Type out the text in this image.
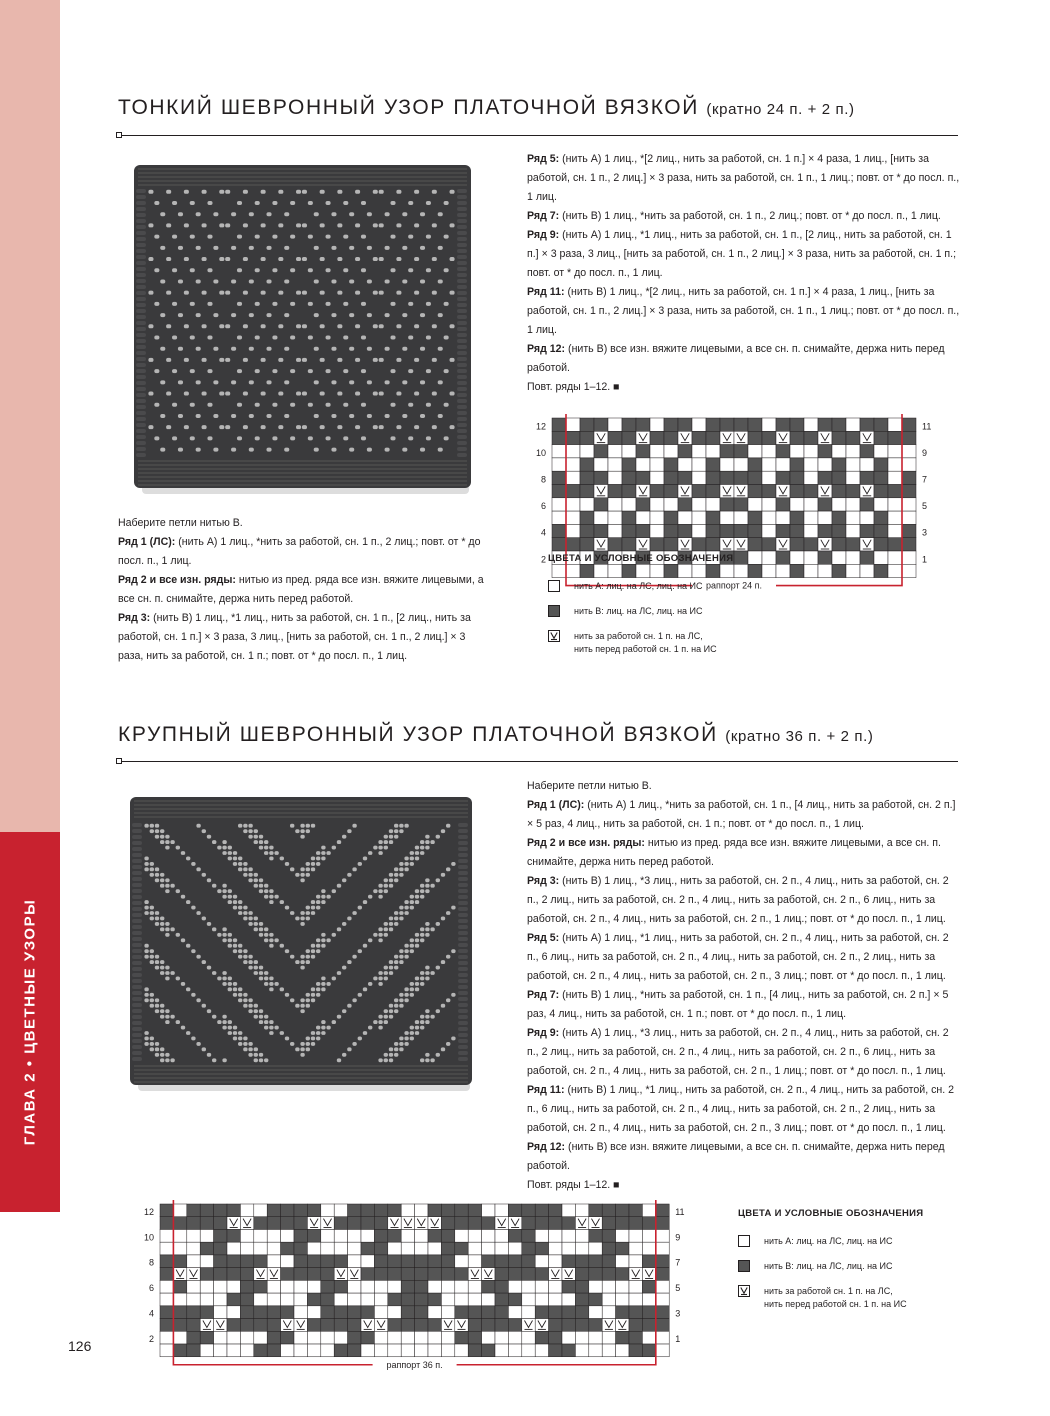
ГЛАВА 2 • ЦВЕТНЫЕ УЗОРЫ
126
ТОНКИЙ ШЕВРОННЫЙ УЗОР ПЛАТОЧНОЙ ВЯЗКОЙ (кратно 24 п. + 2 п.)

Ряд 5: (нить А) 1 лиц., *[2 лиц., нить за работой, сн. 1 п.] × 4 раза, 1 лиц., [нить за работой, сн. 1 п., 2 лиц.] × 3 раза, нить за работой, сн. 1 п., 1 лиц.; повт. от * до посл. п., 1 лиц.

Ряд 7: (нить В) 1 лиц., *нить за работой, сн. 1 п., 2 лиц.; повт. от * до посл. п., 1 лиц.

Ряд 9: (нить А) 1 лиц., *1 лиц., нить за работой, сн. 1 п., [2 лиц., нить за работой, сн. 1 п.] × 3 раза, 3 лиц., [нить за работой, сн. 1 п., 2 лиц.] × 3 раза, нить за работой, сн. 1 п.; повт. от * до посл. п., 1 лиц.

Ряд 11: (нить В) 1 лиц., *[2 лиц., нить за работой, сн. 1 п.] × 4 раза, 1 лиц., [нить за работой, сн. 1 п., 2 лиц.] × 3 раза, нить за работой, сн. 1 п., 1 лиц.; повт. от * до посл. п., 1 лиц.

Ряд 12: (нить В) все изн. вяжите лицевыми, а все сн. п. снимайте, держа нить перед работой.

Повт. ряды 1–12. ■

Наберите петли нитью В.

Ряд 1 (ЛС): (нить А) 1 лиц., *нить за работой, сн. 1 п., 2 лиц.; повт. от * до посл. п., 1 лиц.

Ряд 2 и все изн. ряды: нитью из пред. ряда все изн. вяжите лицевыми, а все сн. п. снимайте, держа нить перед работой.

Ряд 3: (нить В) 1 лиц., *1 лиц., нить за работой, сн. 1 п., [2 лиц., нить за работой, сн. 1 п.] × 3 раза, 3 лиц., [нить за работой, сн. 1 п., 2 лиц.] × 3 раза, нить за работой, сн. 1 п.; повт. от * до посл. п., 1 лиц.

12
10
8
6
4
2
11
9
7
5
3
1
раппорт 24 п.
ЦВЕТА И УСЛОВНЫЕ ОБОЗНАЧЕНИЯ
нить А: лиц. на ЛС, лиц. на ИС
нить В: лиц. на ЛС, лиц. на ИС
нить за работой сн. 1 п. на ЛС,
нить перед работой сн. 1 п. на ИС
КРУПНЫЙ ШЕВРОННЫЙ УЗОР ПЛАТОЧНОЙ ВЯЗКОЙ (кратно 36 п. + 2 п.)

Наберите петли нитью В.

Ряд 1 (ЛС): (нить А) 1 лиц., *нить за работой, сн. 1 п., [4 лиц., нить за работой, сн. 2 п.] × 5 раз, 4 лиц., нить за работой, сн. 1 п.; повт. от * до посл. п., 1 лиц.

Ряд 2 и все изн. ряды: нитью из пред. ряда все изн. вяжите лицевыми, а все сн. п. снимайте, держа нить перед работой.

Ряд 3: (нить В) 1 лиц., *3 лиц., нить за работой, сн. 2 п., 4 лиц., нить за работой, сн. 2 п., 2 лиц., нить за работой, сн. 2 п., 4 лиц., нить за работой, сн. 2 п., 6 лиц., нить за работой, сн. 2 п., 4 лиц., нить за работой, сн. 2 п., 1 лиц.; повт. от * до посл. п., 1 лиц.

Ряд 5: (нить А) 1 лиц., *1 лиц., нить за работой, сн. 2 п., 4 лиц., нить за работой, сн. 2 п., 6 лиц., нить за работой, сн. 2 п., 4 лиц., нить за работой, сн. 2 п., 2 лиц., нить за работой, сн. 2 п., 4 лиц., нить за работой, сн. 2 п., 3 лиц.; повт. от * до посл. п., 1 лиц.

Ряд 7: (нить В) 1 лиц., *нить за работой, сн. 1 п., [4 лиц., нить за работой, сн. 2 п.] × 5 раз, 4 лиц., нить за работой, сн. 1 п.; повт. от * до посл. п., 1 лиц.

Ряд 9: (нить А) 1 лиц., *3 лиц., нить за работой, сн. 2 п., 4 лиц., нить за работой, сн. 2 п., 2 лиц., нить за работой, сн. 2 п., 4 лиц., нить за работой, сн. 2 п., 6 лиц., нить за работой, сн. 2 п., 4 лиц., нить за работой, сн. 2 п., 1 лиц.; повт. от * до посл. п., 1 лиц.

Ряд 11: (нить В) 1 лиц., *1 лиц., нить за работой, сн. 2 п., 4 лиц., нить за работой, сн. 2 п., 6 лиц., нить за работой, сн. 2 п., 4 лиц., нить за работой, сн. 2 п., 2 лиц., нить за работой, сн. 2 п., 4 лиц., нить за работой, сн. 2 п., 3 лиц.; повт. от * до посл. п., 1 лиц.

Ряд 12: (нить В) все изн. вяжите лицевыми, а все сн. п. снимайте, держа нить перед работой.

Повт. ряды 1–12. ■

12
10
8
6
4
2
11
9
7
5
3
1
раппорт 36 п.
ЦВЕТА И УСЛОВНЫЕ ОБОЗНАЧЕНИЯ
нить А: лиц. на ЛС, лиц. на ИС
нить В: лиц. на ЛС, лиц. на ИС
нить за работой сн. 1 п. на ЛС,
нить перед работой сн. 1 п. на ИС
